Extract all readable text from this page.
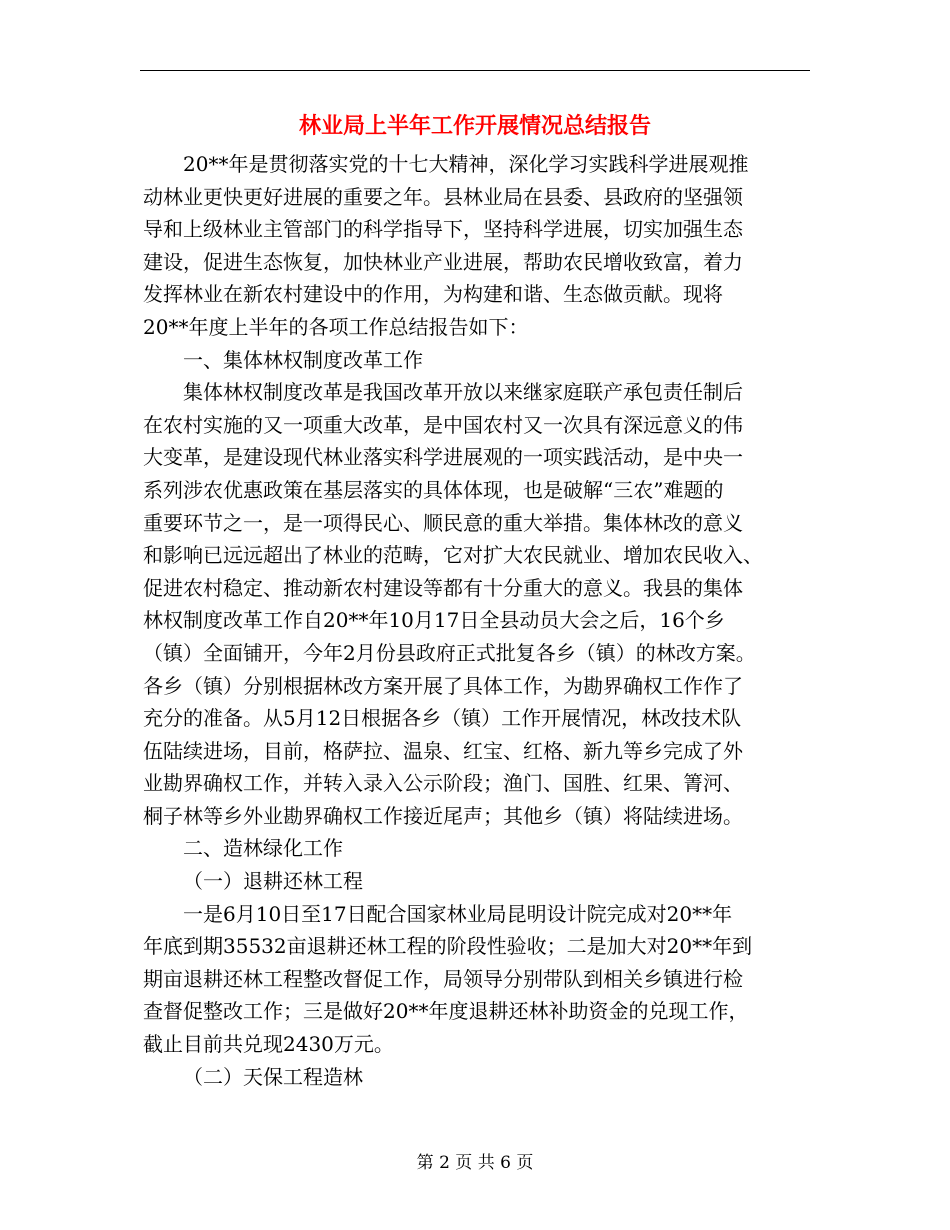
林业局上半年工作开展情况总结报告
20**年是贯彻落实党的十七大精神，深化学习实践科学进展观推
动林业更快更好进展的重要之年。县林业局在县委、县政府的坚强领
导和上级林业主管部门的科学指导下，坚持科学进展，切实加强生态
建设，促进生态恢复，加快林业产业进展，帮助农民增收致富，着力
发挥林业在新农村建设中的作用，为构建和谐、生态做贡献。现将
20**年度上半年的各项工作总结报告如下：
一、集体林权制度改革工作
集体林权制度改革是我国改革开放以来继家庭联产承包责任制后
在农村实施的又一项重大改革，是中国农村又一次具有深远意义的伟
大变革，是建设现代林业落实科学进展观的一项实践活动，是中央一
系列涉农优惠政策在基层落实的具体体现，也是破解“三农”难题的
重要环节之一，是一项得民心、顺民意的重大举措。集体林改的意义
和影响已远远超出了林业的范畴，它对扩大农民就业、增加农民收入、
促进农村稳定、推动新农村建设等都有十分重大的意义。我县的集体
林权制度改革工作自20**年10月17日全县动员大会之后，16个乡
（镇）全面铺开，今年2月份县政府正式批复各乡（镇）的林改方案。
各乡（镇）分别根据林改方案开展了具体工作，为勘界确权工作作了
充分的准备。从5月12日根据各乡（镇）工作开展情况，林改技术队
伍陆续进场，目前，格萨拉、温泉、红宝、红格、新九等乡完成了外
业勘界确权工作，并转入录入公示阶段；渔门、国胜、红果、箐河、
桐子林等乡外业勘界确权工作接近尾声；其他乡（镇）将陆续进场。
二、造林绿化工作
（一）退耕还林工程
一是6月10日至17日配合国家林业局昆明设计院完成对20**年
年底到期35532亩退耕还林工程的阶段性验收；二是加大对20**年到
期亩退耕还林工程整改督促工作，局领导分别带队到相关乡镇进行检
查督促整改工作；三是做好20**年度退耕还林补助资金的兑现工作，
截止目前共兑现2430万元。
（二）天保工程造林
第 2 页 共 6 页
